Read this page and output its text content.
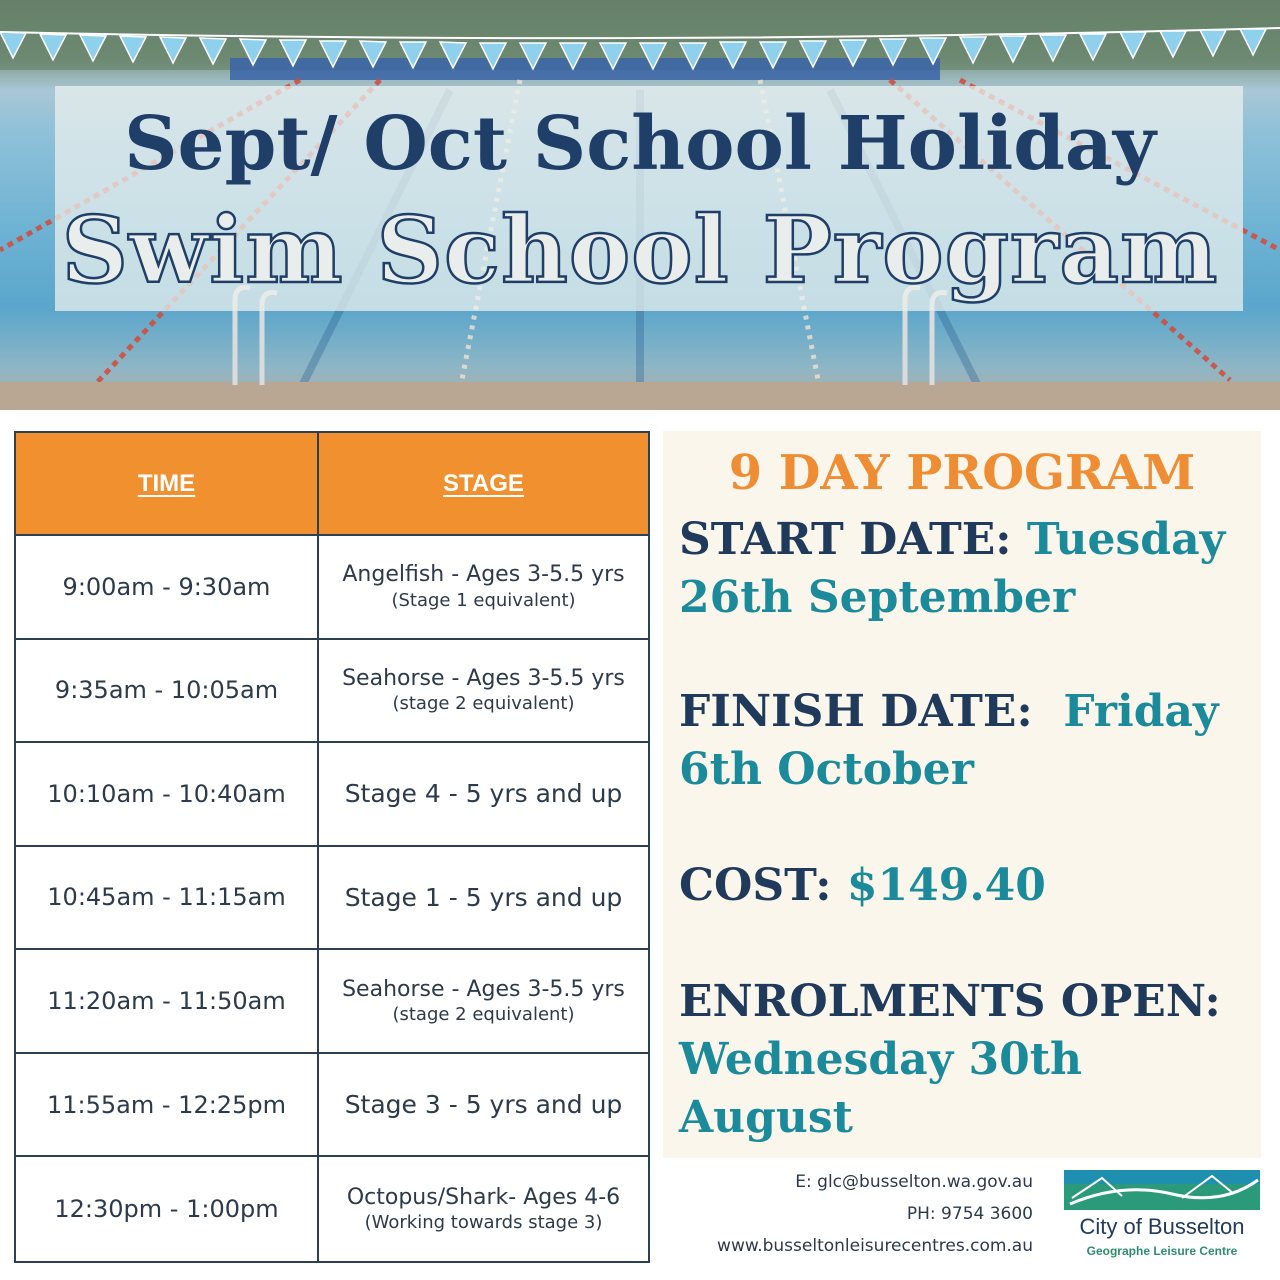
Sept/ Oct School Holiday
Swim School Program
TIME	STAGE
9:00am - 9:30am	Angelfish - Ages 3-5.5 yrs
(Stage 1 equivalent)
9:35am - 10:05am	Seahorse - Ages 3-5.5 yrs
(stage 2 equivalent)
10:10am - 10:40am Stage 4 - 5 yrs and up
10:45am - 11:15am Stage 1 - 5 yrs and up
11:20am - 11:50am	Seahorse - Ages 3-5.5 yrs
(stage 2 equivalent)
11:55am - 12:25pm Stage 3 - 5 yrs and up
12:30pm - 1:00pm	Octopus/Shark- Ages 4-6
(Working towards stage 3)
9 DAY PROGRAM
START DATE: Tuesday
26th September
FINISH DATE: Friday
6th October
COST: $149.40
ENROLMENTS OPEN:
Wednesday 30th
August
E: glc@busselton.wa.gov.au
PH: 9754 3600
www.busseltonleisurecentres.com.au
City of Busselton
Geographe Leisure Centre
